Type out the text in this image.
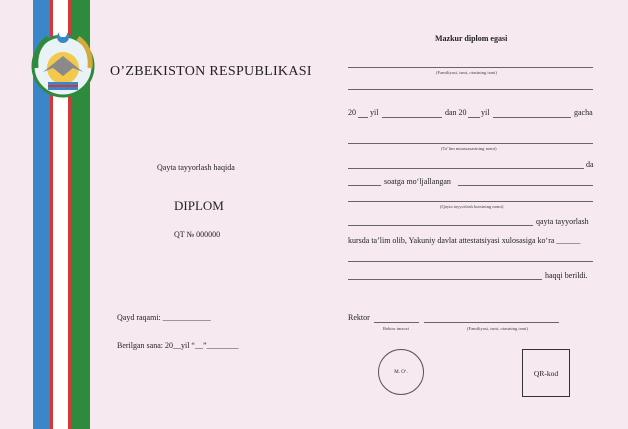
O’ZBEKISTON RESPUBLIKASI
Qayta tayyorlash haqida
DIPLOM
QT № 000000
Qayd raqami: ____________
Berilgan sana: 20__yil “__”________
Mazkur diplom egasi
(Familiyasi, ismi, otasining ismi)
20 yil	dan 20 yil	gacha
(Ta’lim muassasasining nomi)
da
soatga mo‘ljallangan
(Qayta tayyorlash kursining nomi)
qayta tayyorlash
kursda ta’lim olib, Yakuniy davlat attestatsiyasi xulosasiga ko‘ra ______
haqqi berildi.
Rektor
Rektor imzosi	(Familiyasi, ismi, otasining ismi)
M. O‘.	QR-kod
